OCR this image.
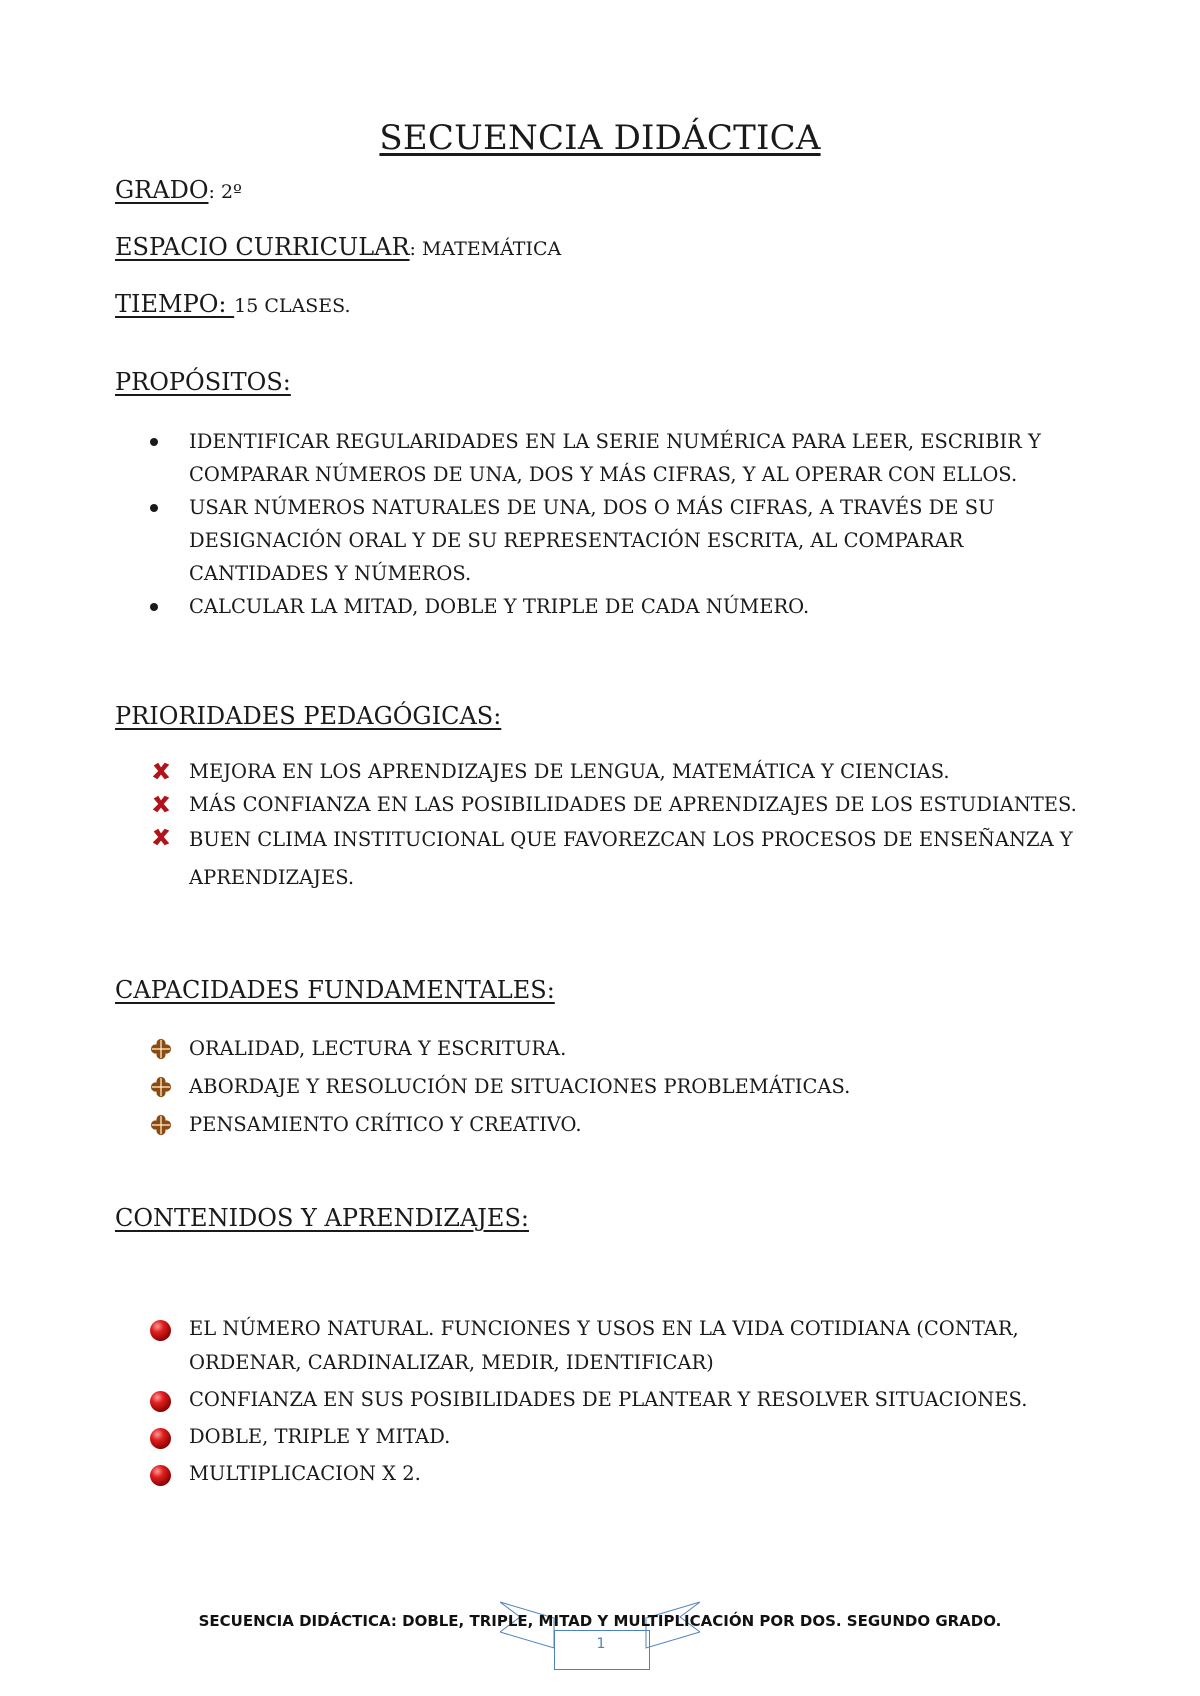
SECUENCIA DIDÁCTICA
GRADO: 2º
ESPACIO CURRICULAR: MATEMÁTICA
TIEMPO: 15 CLASES.
PROPÓSITOS:
IDENTIFICAR REGULARIDADES EN LA SERIE NUMÉRICA PARA LEER, ESCRIBIR Y COMPARAR NÚMEROS DE UNA, DOS Y MÁS CIFRAS, Y AL OPERAR CON ELLOS.
USAR NÚMEROS NATURALES DE UNA, DOS O MÁS CIFRAS, A TRAVÉS DE SU DESIGNACIÓN ORAL Y DE SU REPRESENTACIÓN ESCRITA, AL COMPARAR CANTIDADES Y NÚMEROS.
CALCULAR LA MITAD, DOBLE Y TRIPLE DE CADA NÚMERO.
PRIORIDADES PEDAGÓGICAS:
MEJORA EN LOS APRENDIZAJES DE LENGUA, MATEMÁTICA Y CIENCIAS.
MÁS CONFIANZA EN LAS POSIBILIDADES DE APRENDIZAJES DE LOS ESTUDIANTES.
BUEN CLIMA INSTITUCIONAL QUE FAVOREZCAN LOS PROCESOS DE ENSEÑANZA Y APRENDIZAJES.
CAPACIDADES FUNDAMENTALES:
ORALIDAD, LECTURA Y ESCRITURA.
ABORDAJE Y RESOLUCIÓN DE SITUACIONES PROBLEMÁTICAS.
PENSAMIENTO CRÍTICO Y CREATIVO.
CONTENIDOS Y APRENDIZAJES:
EL NÚMERO NATURAL. FUNCIONES Y USOS EN LA VIDA COTIDIANA (CONTAR, ORDENAR, CARDINALIZAR, MEDIR, IDENTIFICAR)
CONFIANZA EN SUS POSIBILIDADES DE PLANTEAR Y RESOLVER SITUACIONES.
DOBLE, TRIPLE Y MITAD.
MULTIPLICACION X 2.
SECUENCIA DIDÁCTICA: DOBLE, TRIPLE, MITAD Y MULTIPLICACIÓN POR DOS. SEGUNDO GRADO.
1
